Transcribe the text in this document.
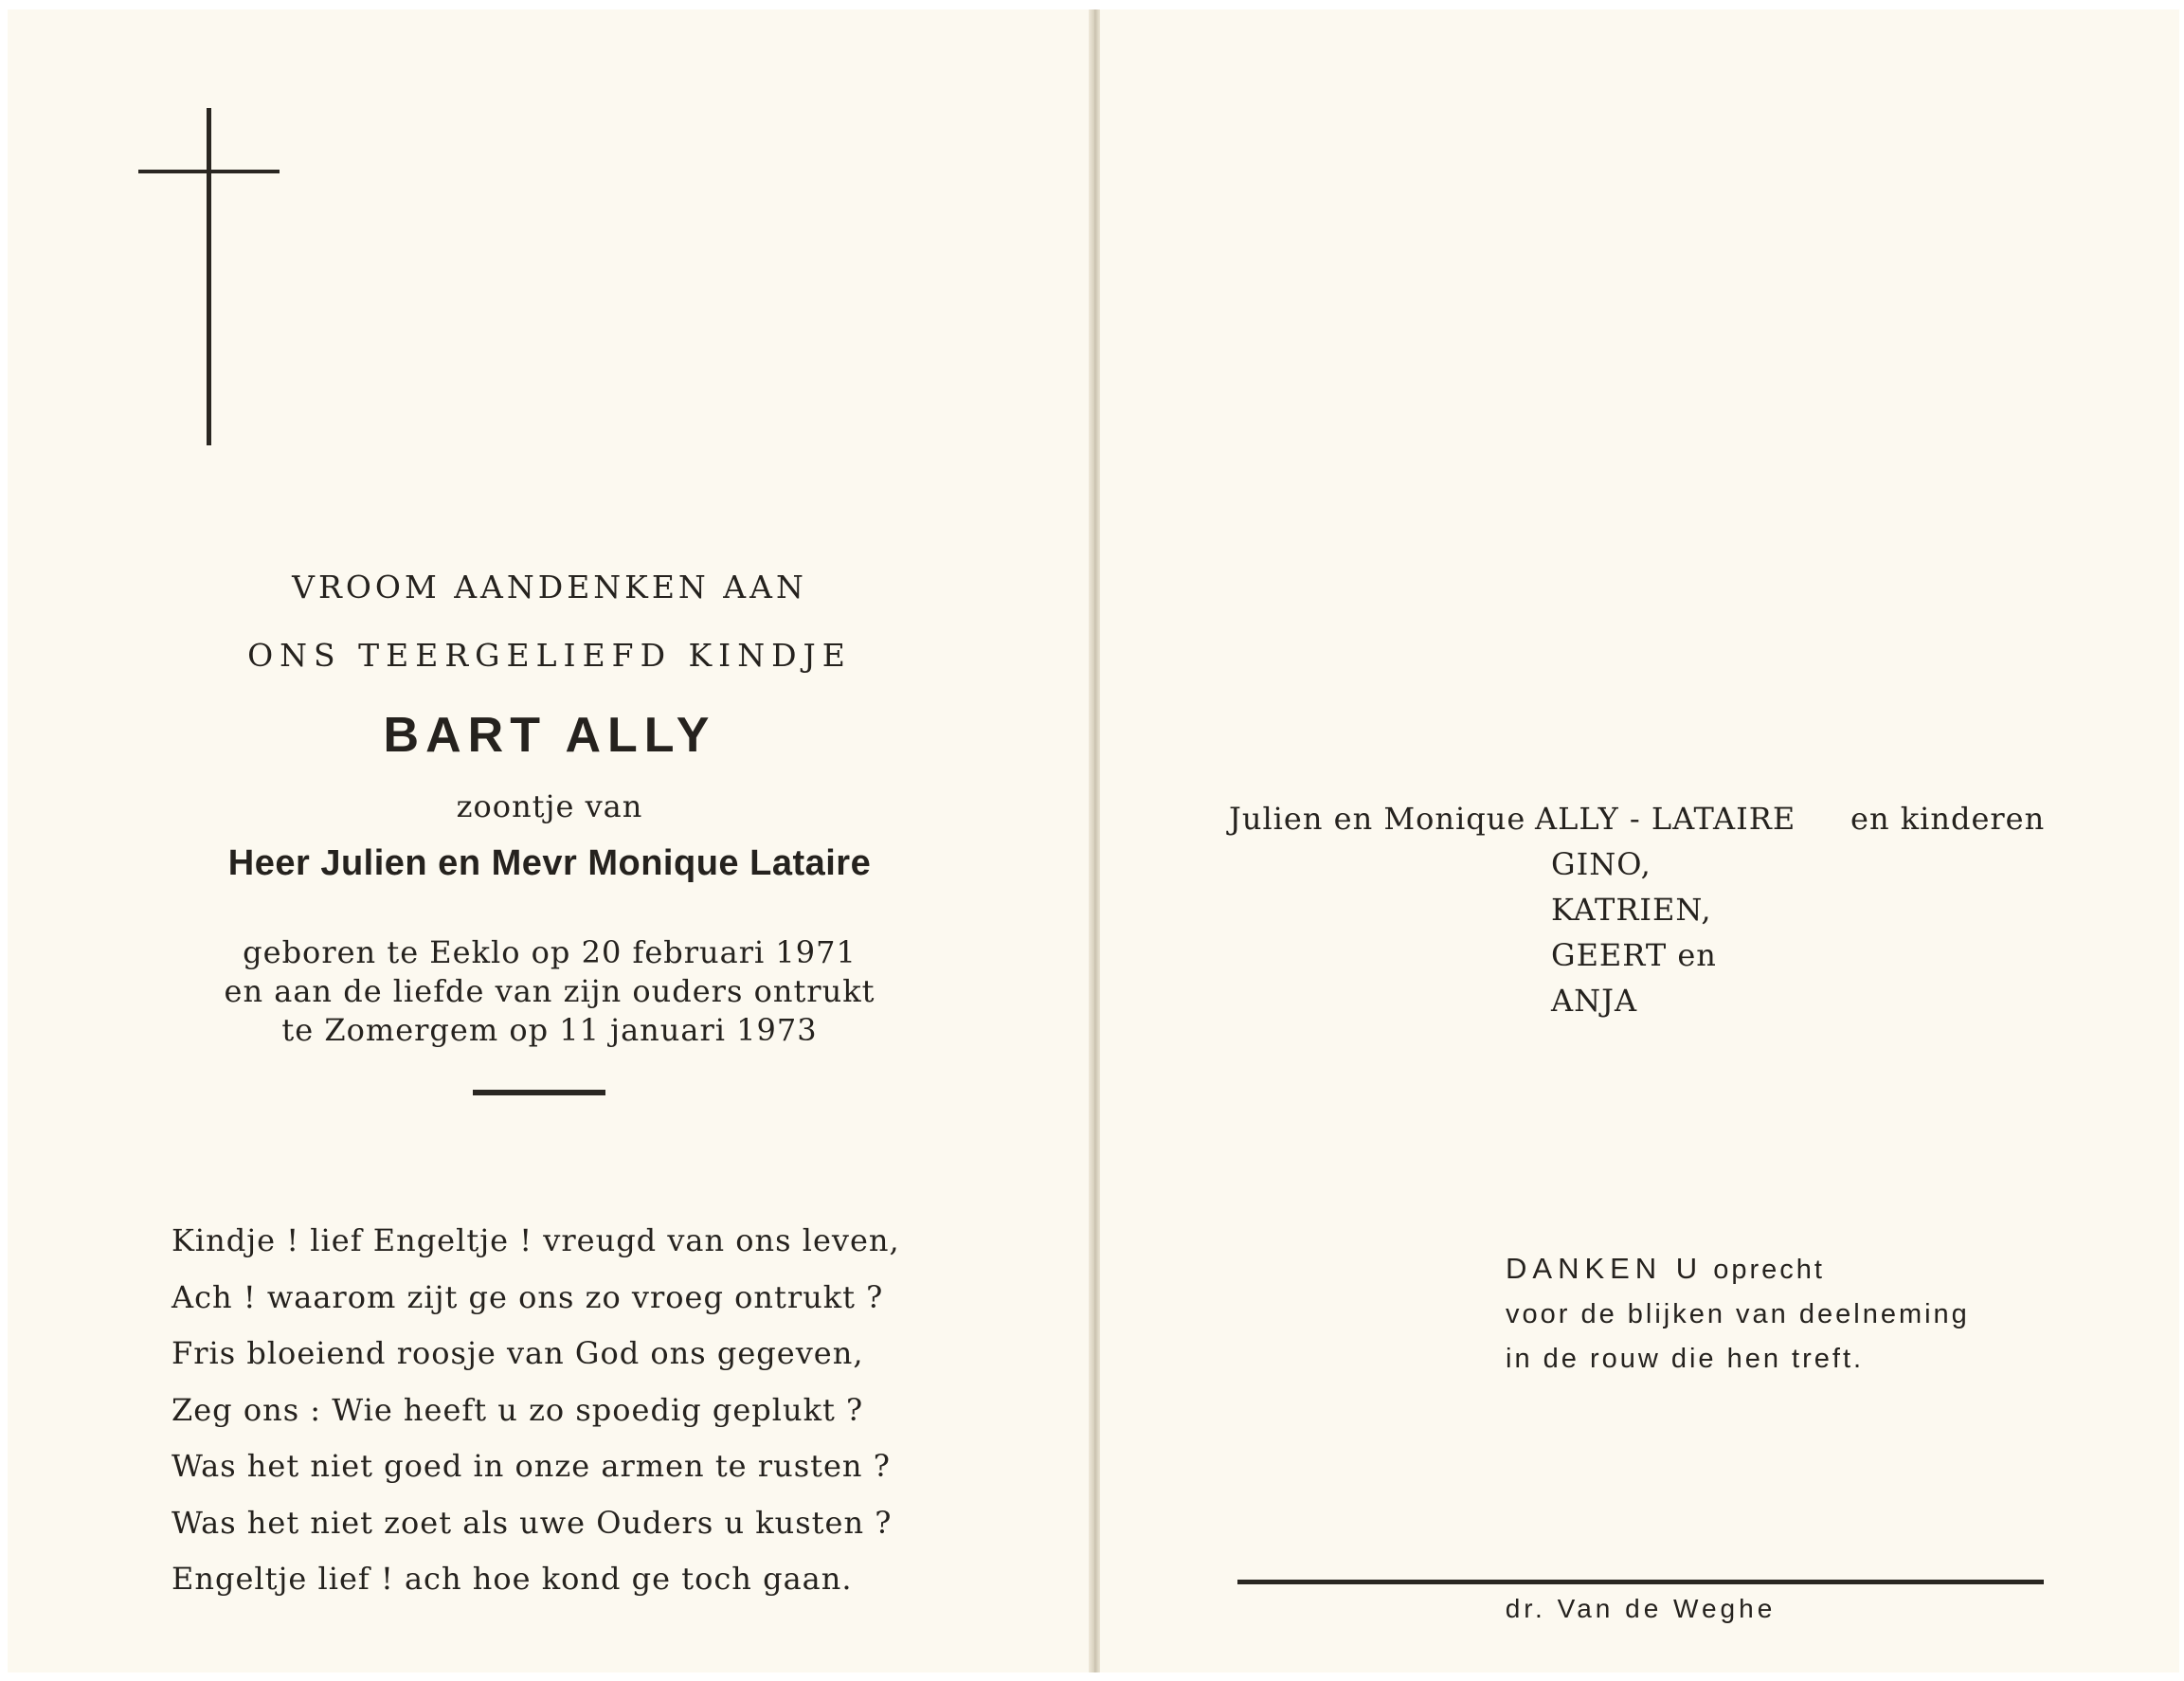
VROOM AANDENKEN AAN
ONS TEERGELIEFD KINDJE
BART ALLY
zoontje van
Heer Julien en Mevr Monique Lataire
geboren te Eeklo op 20 februari 1971
en aan de liefde van zijn ouders ontrukt
te Zomergem op 11 januari 1973
Kindje ! lief Engeltje ! vreugd van ons leven,
Ach ! waarom zijt ge ons zo vroeg ontrukt ?
Fris bloeiend roosje van God ons gegeven,
Zeg ons : Wie heeft u zo spoedig geplukt ?
Was het niet goed in onze armen te rusten ?
Was het niet zoet als uwe Ouders u kusten ?
Engeltje lief ! ach hoe kond ge toch gaan.
Julien en Monique ALLY - LATAIRE en kinderen
GINO,
KATRIEN,
GEERT en
ANJA
DANKEN U oprecht
voor de blijken van deelneming
in de rouw die hen treft.
dr. Van de Weghe
